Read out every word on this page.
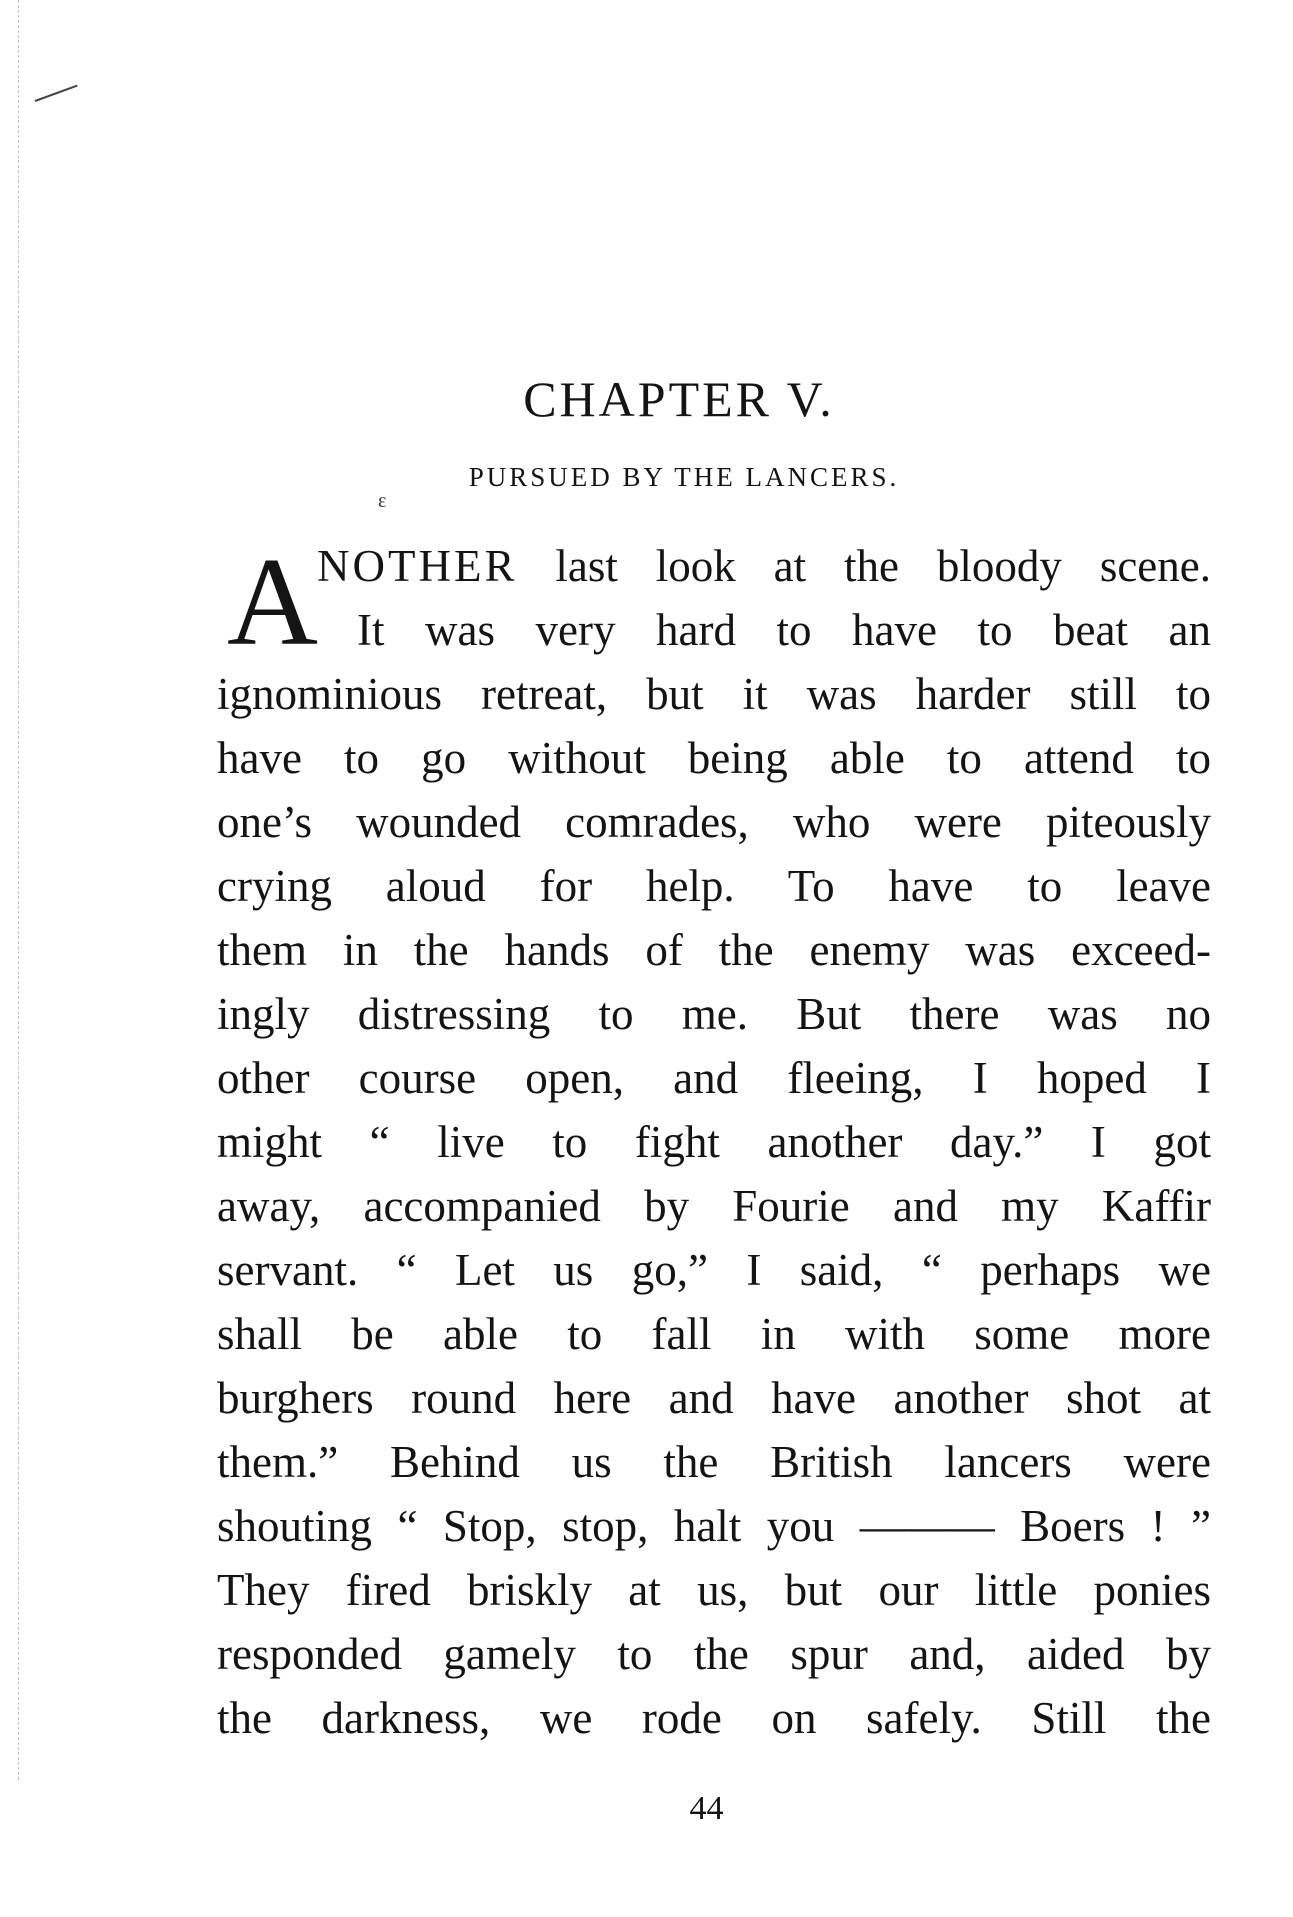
CHAPTER V.
PURSUED BY THE LANCERS.
ɛ
A NOTHER last look at the bloody scene.
It was very hard to have to beat an
ignominious retreat, but it was harder still to
have to go without being able to attend to
one’s wounded comrades, who were piteously
crying aloud for help. To have to leave
them in the hands of the enemy was exceed-
ingly distressing to me. But there was no
other course open, and fleeing, I hoped I
might “ live to fight another day.” I got
away, accompanied by Fourie and my Kaffir
servant. “ Let us go,” I said, “ perhaps we
shall be able to fall in with some more
burghers round here and have another shot at
them.” Behind us the British lancers were
shouting “ Stop, stop, halt you ——— Boers ! ”
They fired briskly at us, but our little ponies
responded gamely to the spur and, aided by
the darkness, we rode on safely. Still the
44
